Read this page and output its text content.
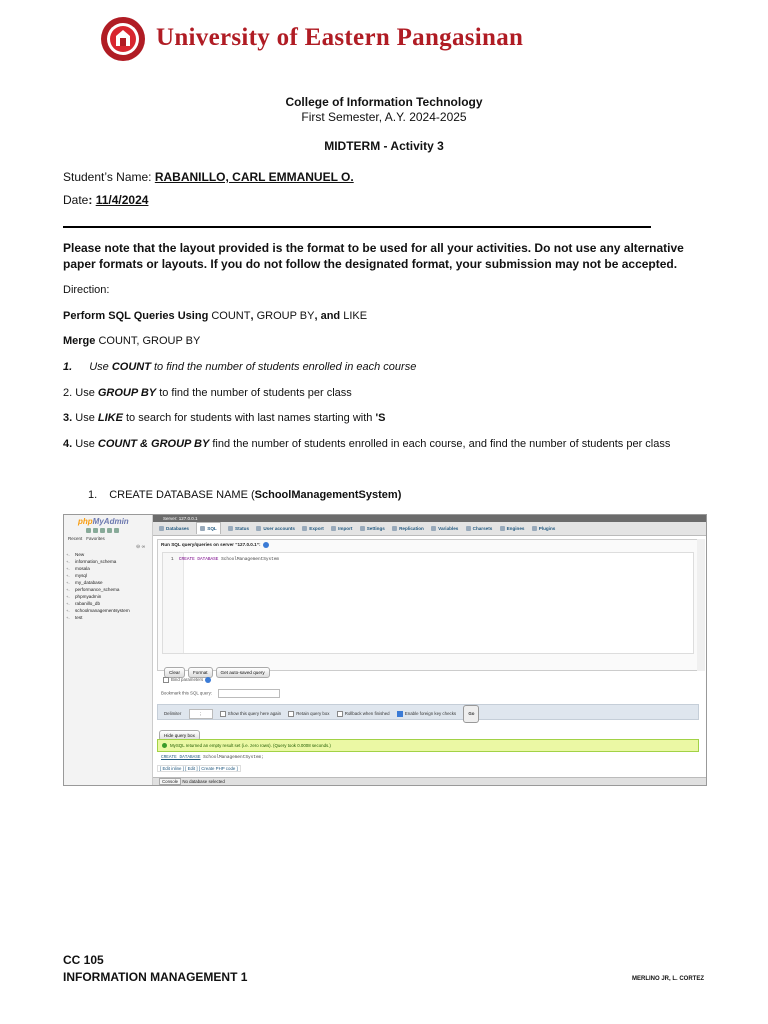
University of Eastern Pangasinan
College of Information Technology
First Semester, A.Y. 2024-2025
MIDTERM - Activity 3
Student’s Name: RABANILLO, CARL EMMANUEL O.
Date: 11/4/2024
Please note that the layout provided is the format to be used for all your activities. Do not use any alternative paper formats or layouts. If you do not follow the designated format, your submission may not be accepted.
Direction:
Perform SQL Queries Using COUNT, GROUP BY, and LIKE
Merge COUNT, GROUP BY
1. Use COUNT to find the number of students enrolled in each course
2. Use GROUP BY to find the number of students per class
3. Use LIKE to search for students with last names starting with 'S
4. Use COUNT & GROUP BY find the number of students enrolled in each course, and find the number of students per class
1. CREATE DATABASE NAME (SchoolManagementSystem)
phpMyAdmin
Recent Favorites
⊖ ∞
+- New
+- information_schema
+- mosala
+- mysql
+- my_database
+- performance_schema
+- phpmyadmin
+- rabanillo_db
+- schoolmanagementsystem
+- test
Server: 127.0.0.1
Databases	SQL	Status	User accounts	Export	Import	Settings	Replication	Variables	Charsets	Engines	Plugins
Run SQL query/queries on server “127.0.0.1”:
1 CREATE DATABASE SchoolManagementSystem
Clear	Format	Get auto-saved query
Bind parameters
Bookmark this SQL query:
Delimiter	;	Show this query here again	Retain query box	Rollback when finished	Enable foreign key checks	Go
Hide query box
MySQL returned an empty result set (i.e. zero rows). (Query took 0.0008 seconds.)
CREATE DATABASE SchoolManagementSystem;
[ Edit inline ] [ Edit ] [ Create PHP code ]
Console No database selected
CC 105
INFORMATION MANAGEMENT 1	MERLINO JR, L. CORTEZ
